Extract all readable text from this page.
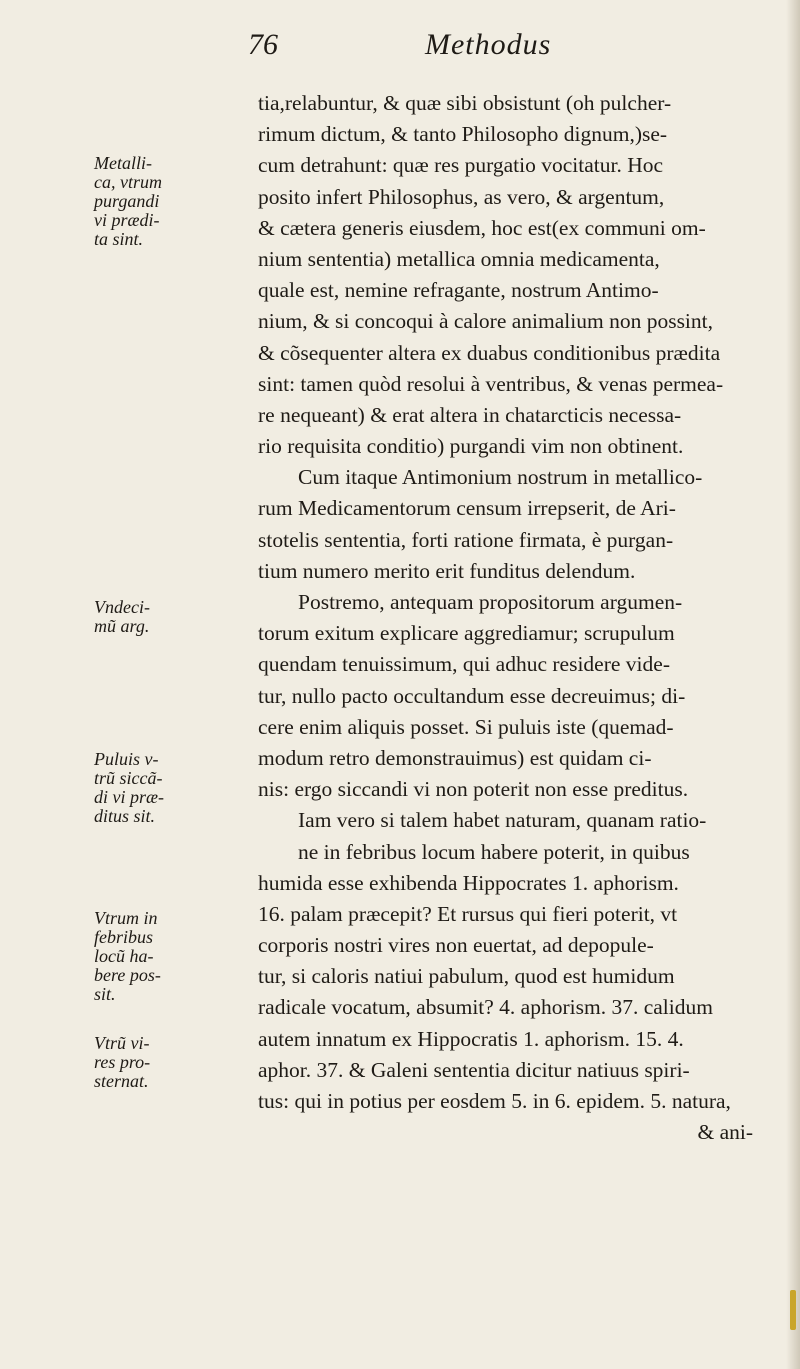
76	Methodus
tia,relabuntur, & quæ sibi obsistunt (oh pulcher-
rimum dictum, & tanto Philosopho dignum,)se-
cum detrahunt: quæ res purgatio vocitatur. Hoc
posito infert Philosophus, as vero, & argentum,
& cætera generis eiusdem, hoc est(ex communi om-
nium sententia) metallica omnia medicamenta,
quale est, nemine refragante, nostrum Antimo-
nium, & si concoqui à calore animalium non possint,
& cõsequenter altera ex duabus conditionibus prædita
sint: tamen quòd resolui à ventribus, & venas permea-
re nequeant) & erat altera in chatarcticis necessa-
rio requisita conditio) purgandi vim non obtinent.
Cum itaque Antimonium nostrum in metallico-
rum Medicamentorum censum irrepserit, de Ari-
stotelis sententia, forti ratione firmata, è purgan-
tium numero merito erit funditus delendum.
Postremo, antequam propositorum argumen-
torum exitum explicare aggrediamur; scrupulum
quendam tenuissimum, qui adhuc residere vide-
tur, nullo pacto occultandum esse decreuimus; di-
cere enim aliquis posset. Si puluis iste (quemad-
modum retro demonstrauimus) est quidam ci-
nis: ergo siccandi vi non poterit non esse preditus.
Iam vero si talem habet naturam, quanam ratio-
ne in febribus locum habere poterit, in quibus
humida esse exhibenda Hippocrates 1. aphorism.
16. palam præcepit? Et rursus qui fieri poterit, vt
corporis nostri vires non euertat, ad depopule-
tur, si caloris natiui pabulum, quod est humidum
radicale vocatum, absumit? 4. aphorism. 37. calidum
autem innatum ex Hippocratis 1. aphorism. 15. 4.
aphor. 37. & Galeni sententia dicitur natiuus spiri-
tus: qui in potius per eosdem 5. in 6. epidem. 5. natura,
& ani-
Metalli-
ca, vtrum
purgandi
vi prædi-
ta sint.
Vndeci-
mũ arg.
Puluis v-
trũ siccã-
di vi præ-
ditus sit.
Vtrum in
febribus
locũ ha-
bere pos-
sit.
Vtrũ vi-
res pro-
sternat.
